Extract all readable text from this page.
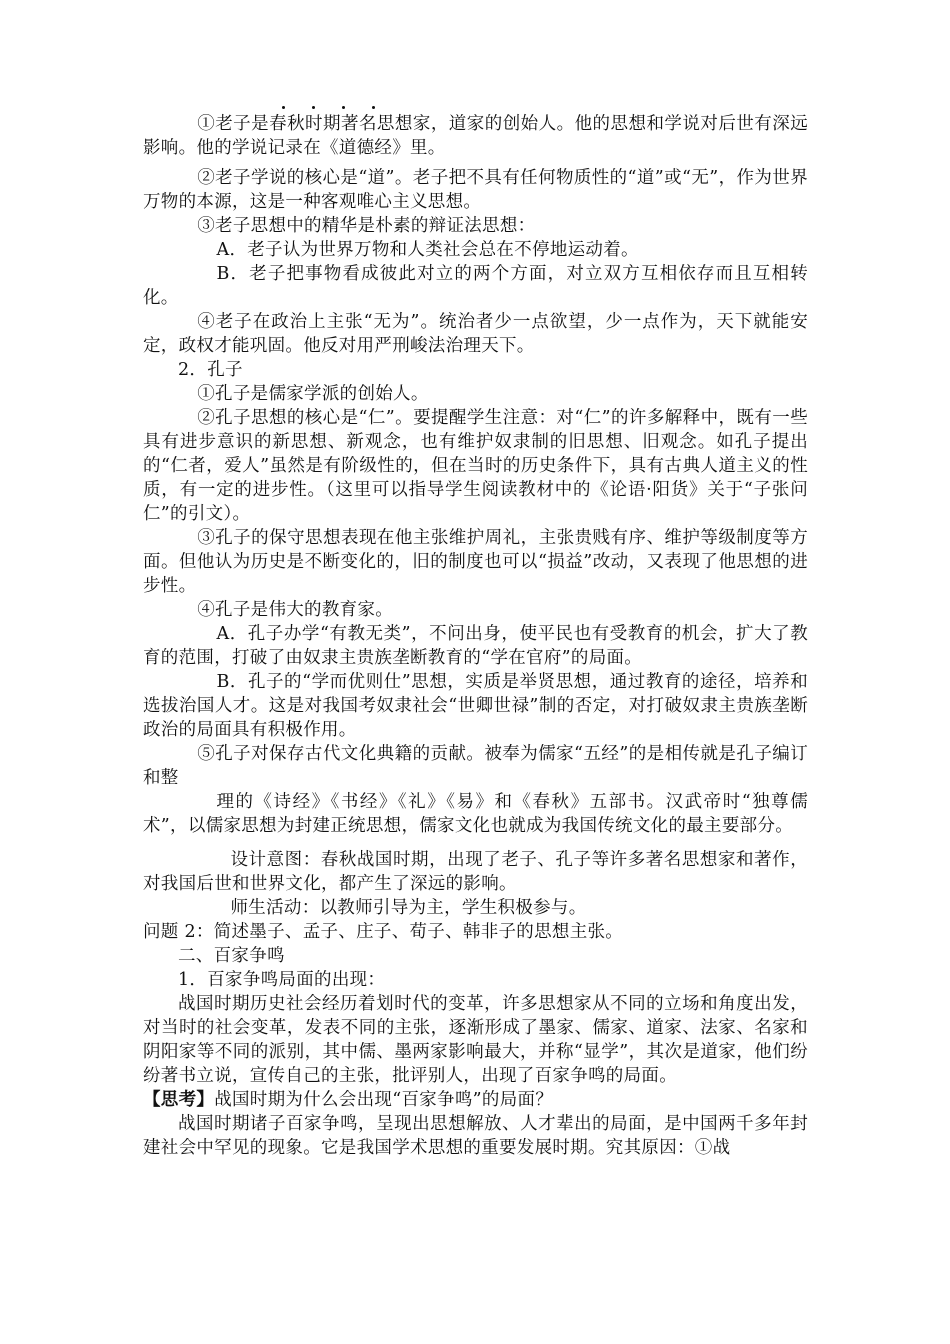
①老子是春秋时期著名思想家，道家的创始人。他的思想和学说对后世有深远影响。他的学说记录在《道德经》里。

②老子学说的核心是“道”。老子把不具有任何物质性的“道”或“无”，作为世界万物的本源，这是一种客观唯心主义思想。

③老子思想中的精华是朴素的辩证法思想：

A．老子认为世界万物和人类社会总在不停地运动着。

B．老子把事物看成彼此对立的两个方面，对立双方互相依存而且互相转化。

④老子在政治上主张“无为”。统治者少一点欲望，少一点作为，天下就能安定，政权才能巩固。他反对用严刑峻法治理天下。

2．孔子

①孔子是儒家学派的创始人。

②孔子思想的核心是“仁”。要提醒学生注意：对“仁”的许多解释中，既有一些具有进步意识的新思想、新观念，也有维护奴隶制的旧思想、旧观念。如孔子提出的“仁者，爱人”虽然是有阶级性的，但在当时的历史条件下，具有古典人道主义的性质，有一定的进步性。（这里可以指导学生阅读教材中的《论语·阳货》关于“子张问仁”的引文）。

③孔子的保守思想表现在他主张维护周礼，主张贵贱有序、维护等级制度等方面。但他认为历史是不断变化的，旧的制度也可以“损益”改动，又表现了他思想的进步性。

④孔子是伟大的教育家。

A．孔子办学“有教无类”，不问出身，使平民也有受教育的机会，扩大了教育的范围，打破了由奴隶主贵族垄断教育的“学在官府”的局面。

B．孔子的“学而优则仕”思想，实质是举贤思想，通过教育的途径，培养和选拔治国人才。这是对我国考奴隶社会“世卿世禄”制的否定，对打破奴隶主贵族垄断政治的局面具有积极作用。

⑤孔子对保存古代文化典籍的贡献。被奉为儒家“五经”的是相传就是孔子编订和整

理的《诗经》《书经》《礼》《易》和《春秋》五部书。汉武帝时“独尊儒术”，以儒家思想为封建正统思想，儒家文化也就成为我国传统文化的最主要部分。

设计意图：春秋战国时期，出现了老子、孔子等许多著名思想家和著作，对我国后世和世界文化，都产生了深远的影响。

师生活动：以教师引导为主，学生积极参与。

问题 2：简述墨子、孟子、庄子、荀子、韩非子的思想主张。

二、百家争鸣

1．百家争鸣局面的出现：

战国时期历史社会经历着划时代的变革，许多思想家从不同的立场和角度出发，对当时的社会变革，发表不同的主张，逐渐形成了墨家、儒家、道家、法家、名家和阴阳家等不同的派别，其中儒、墨两家影响最大，并称“显学”，其次是道家，他们纷纷著书立说，宣传自己的主张，批评别人，出现了百家争鸣的局面。

【思考】战国时期为什么会出现“百家争鸣”的局面？

战国时期诸子百家争鸣，呈现出思想解放、人才辈出的局面，是中国两千多年封建社会中罕见的现象。它是我国学术思想的重要发展时期。究其原因：①战
